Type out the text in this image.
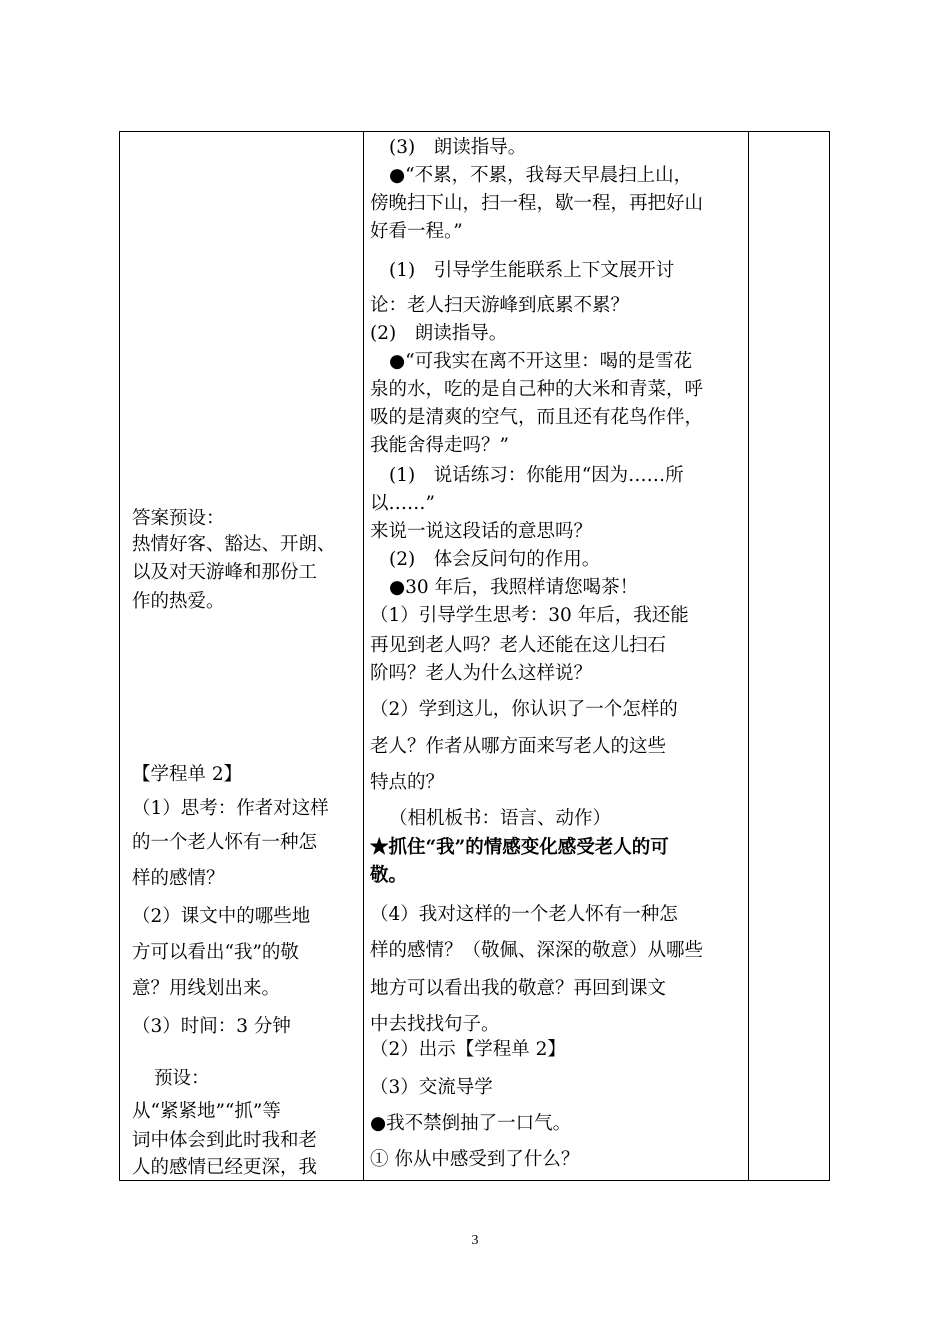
答案预设：
热情好客、豁达、开朗、
以及对天游峰和那份工
作的热爱。
【学程单 2】
（1）思考：作者对这样
的一个老人怀有一种怎
样的感情？
（2）课文中的哪些地
方可以看出“我”的敬
意？用线划出来。
（3）时间：3 分钟
预设：
从“紧紧地”“抓”等
词中体会到此时我和老
人的感情已经更深，我
(3)　朗读指导。
●“不累，不累，我每天早晨扫上山，
傍晚扫下山，扫一程，歇一程，再把好山
好看一程。”
(1)　引导学生能联系上下文展开讨
论：老人扫天游峰到底累不累？
(2)　朗读指导。
●“可我实在离不开这里：喝的是雪花
泉的水，吃的是自己种的大米和青菜，呼
吸的是清爽的空气，而且还有花鸟作伴，
我能舍得走吗？”
(1)　说话练习：你能用“因为……所
以……”
来说一说这段话的意思吗？
(2)　体会反问句的作用。
●30 年后，我照样请您喝茶！
（1）引导学生思考：30 年后，我还能
再见到老人吗？老人还能在这儿扫石
阶吗？老人为什么这样说？
（2）学到这儿，你认识了一个怎样的
老人？作者从哪方面来写老人的这些
特点的？
（相机板书：语言、动作）
★抓住“我”的情感变化感受老人的可
敬。
（4）我对这样的一个老人怀有一种怎
样的感情？（敬佩、深深的敬意）从哪些
地方可以看出我的敬意？再回到课文
中去找找句子。
（2）出示【学程单 2】
（3）交流导学
●我不禁倒抽了一口气。
① 你从中感受到了什么？
3
